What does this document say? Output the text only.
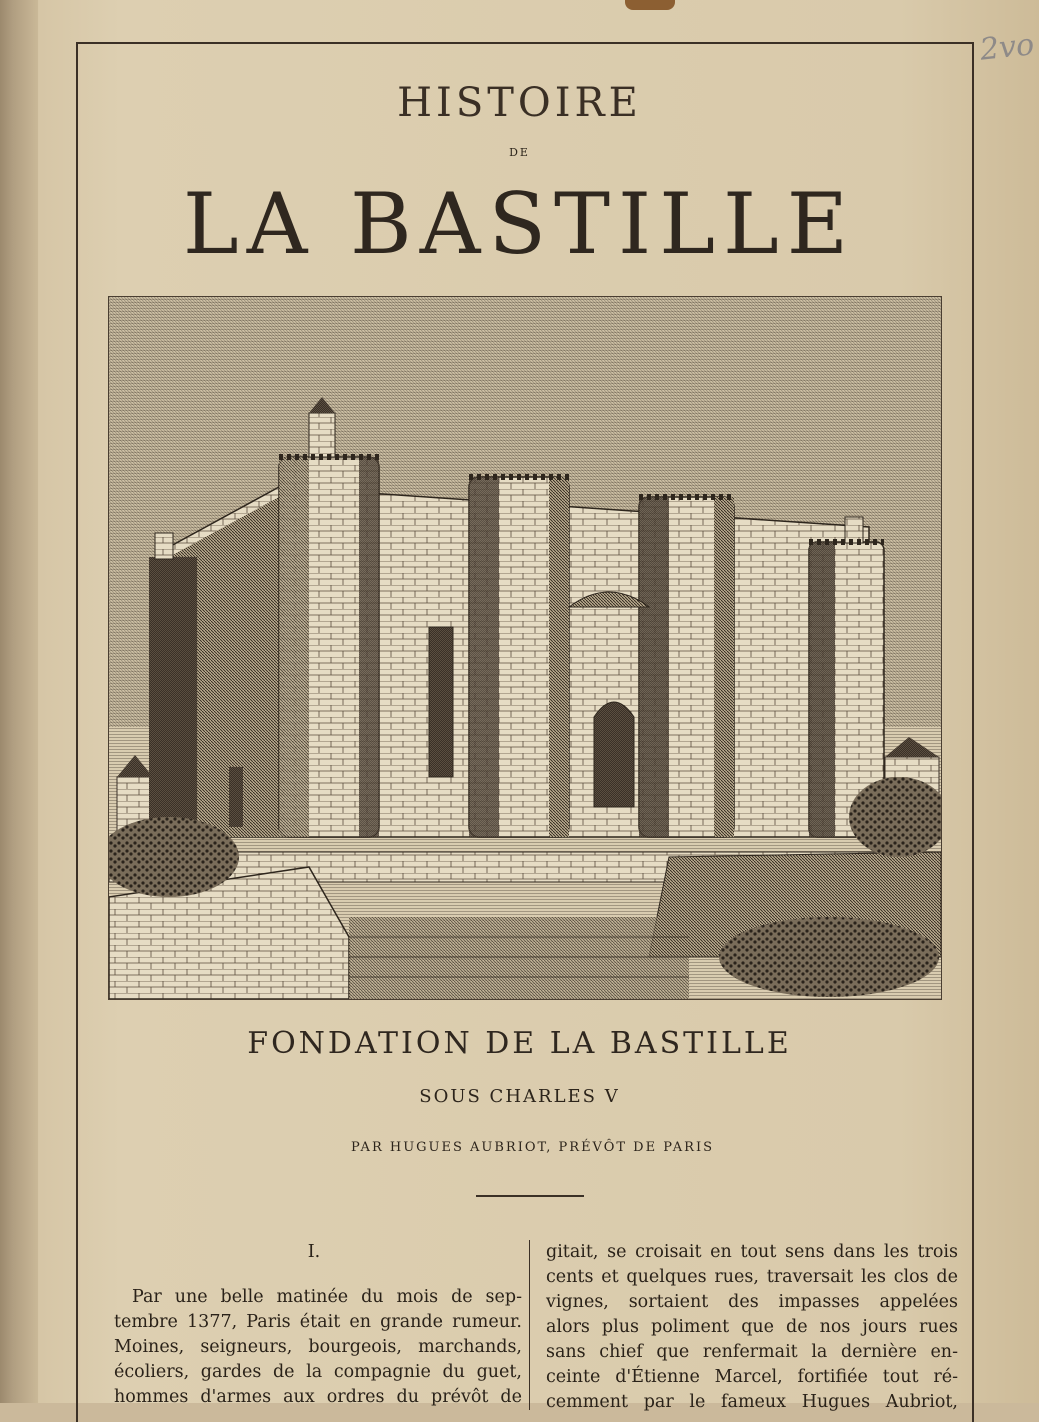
2vo
HISTOIRE
DE
LA BASTILLE
FONDATION DE LA BASTILLE
SOUS CHARLES V
PAR HUGUES AUBRIOT, PRÉVÔT DE PARIS
I.
Par une belle matinée du mois de sep-
tembre 1377, Paris était en grande rumeur.
Moines, seigneurs, bourgeois, marchands,
écoliers, gardes de la compagnie du guet,
hommes d'armes aux ordres du prévôt de
gitait, se croisait en tout sens dans les trois
cents et quelques rues, traversait les clos de
vignes, sortaient des impasses appelées
alors plus poliment que de nos jours rues
sans chief que renfermait la dernière en-
ceinte d'Étienne Marcel, fortifiée tout ré-
cemment par le fameux Hugues Aubriot,
